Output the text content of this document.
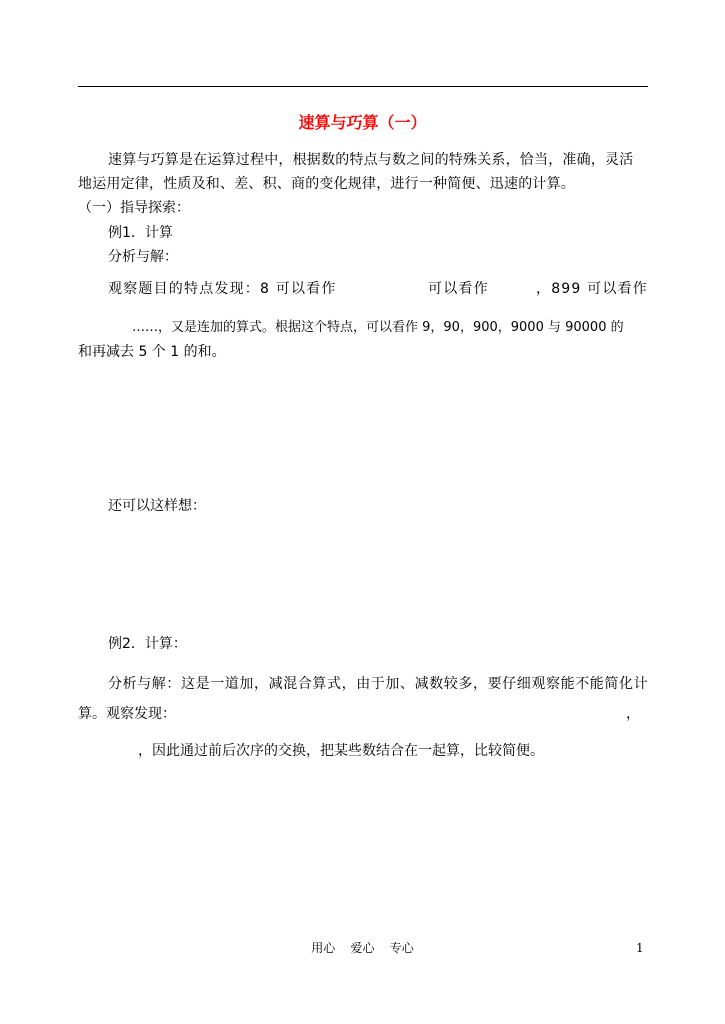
速算与巧算（一）
速算与巧算是在运算过程中，根据数的特点与数之间的特殊关系，恰当，准确，灵活
地运用定律，性质及和、差、积、商的变化规律，进行一种简便、迅速的计算。
（一）指导探索：
例1．计算
分析与解：
观察题目的特点发现：8 可以看作	可以看作	，899 可以看作
……，又是连加的算式。根据这个特点，可以看作 9，90，900，9000 与 90000 的
和再减去 5 个 1 的和。
还可以这样想：
例2．计算：
分析与解：这是一道加，减混合算式，由于加、减数较多，要仔细观察能不能简化计
算。观察发现：	，
，因此通过前后次序的交换，把某些数结合在一起算，比较简便。
用心    爱心    专心	1
